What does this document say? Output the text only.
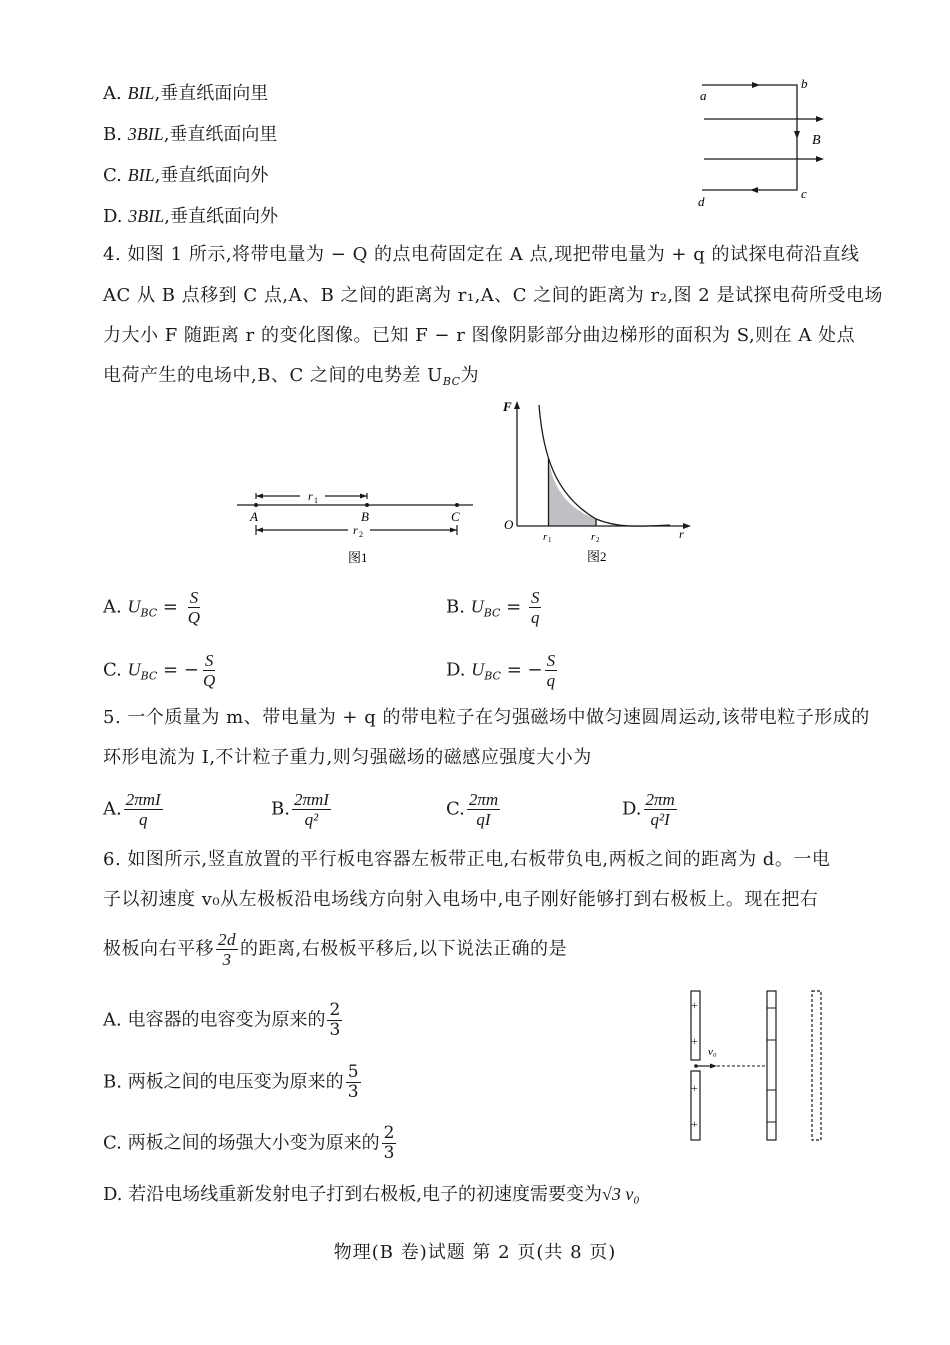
A. BIL,垂直纸面向里
B. 3BIL,垂直纸面向里
C. BIL,垂直纸面向外
D. 3BIL,垂直纸面向外
a
b
c
d
B
4. 如图 1 所示,将带电量为 − Q 的点电荷固定在 A 点,现把带电量为 + q 的试探电荷沿直线
AC 从 B 点移到 C 点,A、B 之间的距离为 r₁,A、C 之间的距离为 r₂,图 2 是试探电荷所受电场
力大小 F 随距离 r 的变化图像。已知 F − r 图像阴影部分曲边梯形的面积为 S,则在 A 处点
电荷产生的电场中,B、C 之间的电势差 $U_{BC}$为
r 1
A	B	C
r 2
图1
F
O
r 1	r 2	r
图2
A. $U_{BC} = \frac{S}{Q}$	B. $U_{BC} = \frac{S}{q}$
C. $U_{BC}$ = − $\frac{S}{Q}$	D. $U_{BC}$ = − $\frac{S}{q}$
5. 一个质量为 m、带电量为 + q 的带电粒子在匀强磁场中做匀速圆周运动,该带电粒子形成的
环形电流为 I,不计粒子重力,则匀强磁场的磁感应强度大小为
A. $\frac{\text{2πmI}}{q}$	B. $\frac{\text{2πmI}}{\text{q²}}$	C. $\frac{2\pi m}{qI}$	D. $\frac{2\pi m}{\text{q²I}}$
6. 如图所示,竖直放置的平行板电容器左板带正电,右板带负电,两板之间的距离为 d。一电
子以初速度 v₀从左极板沿电场线方向射入电场中,电子刚好能够打到右极板上。现在把右
极板向右平移 $\frac{2d}{3}$ 的距离,右极板平移后,以下说法正确的是
A. 电容器的电容变为原来的 $\frac{2}{3}$
B. 两板之间的电压变为原来的 $\frac{5}{3}$
C. 两板之间的场强大小变为原来的 $\frac{2}{3}$
D. 若沿电场线重新发射电子打到右极板,电子的初速度需要变为√3 v₀
+
+
+
+
v₀
物理(B 卷)试题 第 2 页(共 8 页)
